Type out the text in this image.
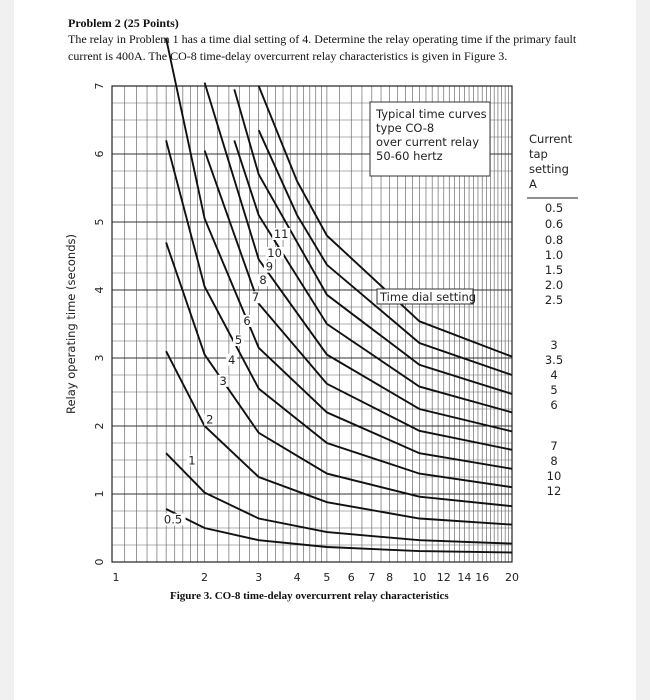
Problem 2 (25 Points)
The relay in Problem 1 has a time dial setting of 4. Determine the relay operating time if the primary fault
current is 400A. The CO-8 time-delay overcurrent relay characteristics is given in Figure 3.
Typical time curves
type CO-8
over current relay
50-60 hertz
0.5
1
2
3
4
5
6
7
8
9
10
11
Time dial setting
Current
tap
setting
A
0.5
0.6
0.8
1.0
1.5
2.0
2.5
3
3.5
4
5
6
7
8
10
12
0
1
2
3
4
5
6
7
Relay operating time (seconds)
1	2	3	4 5 6 7 8 10 12 14 16 20
Figure 3. CO-8 time-delay overcurrent relay characteristics
